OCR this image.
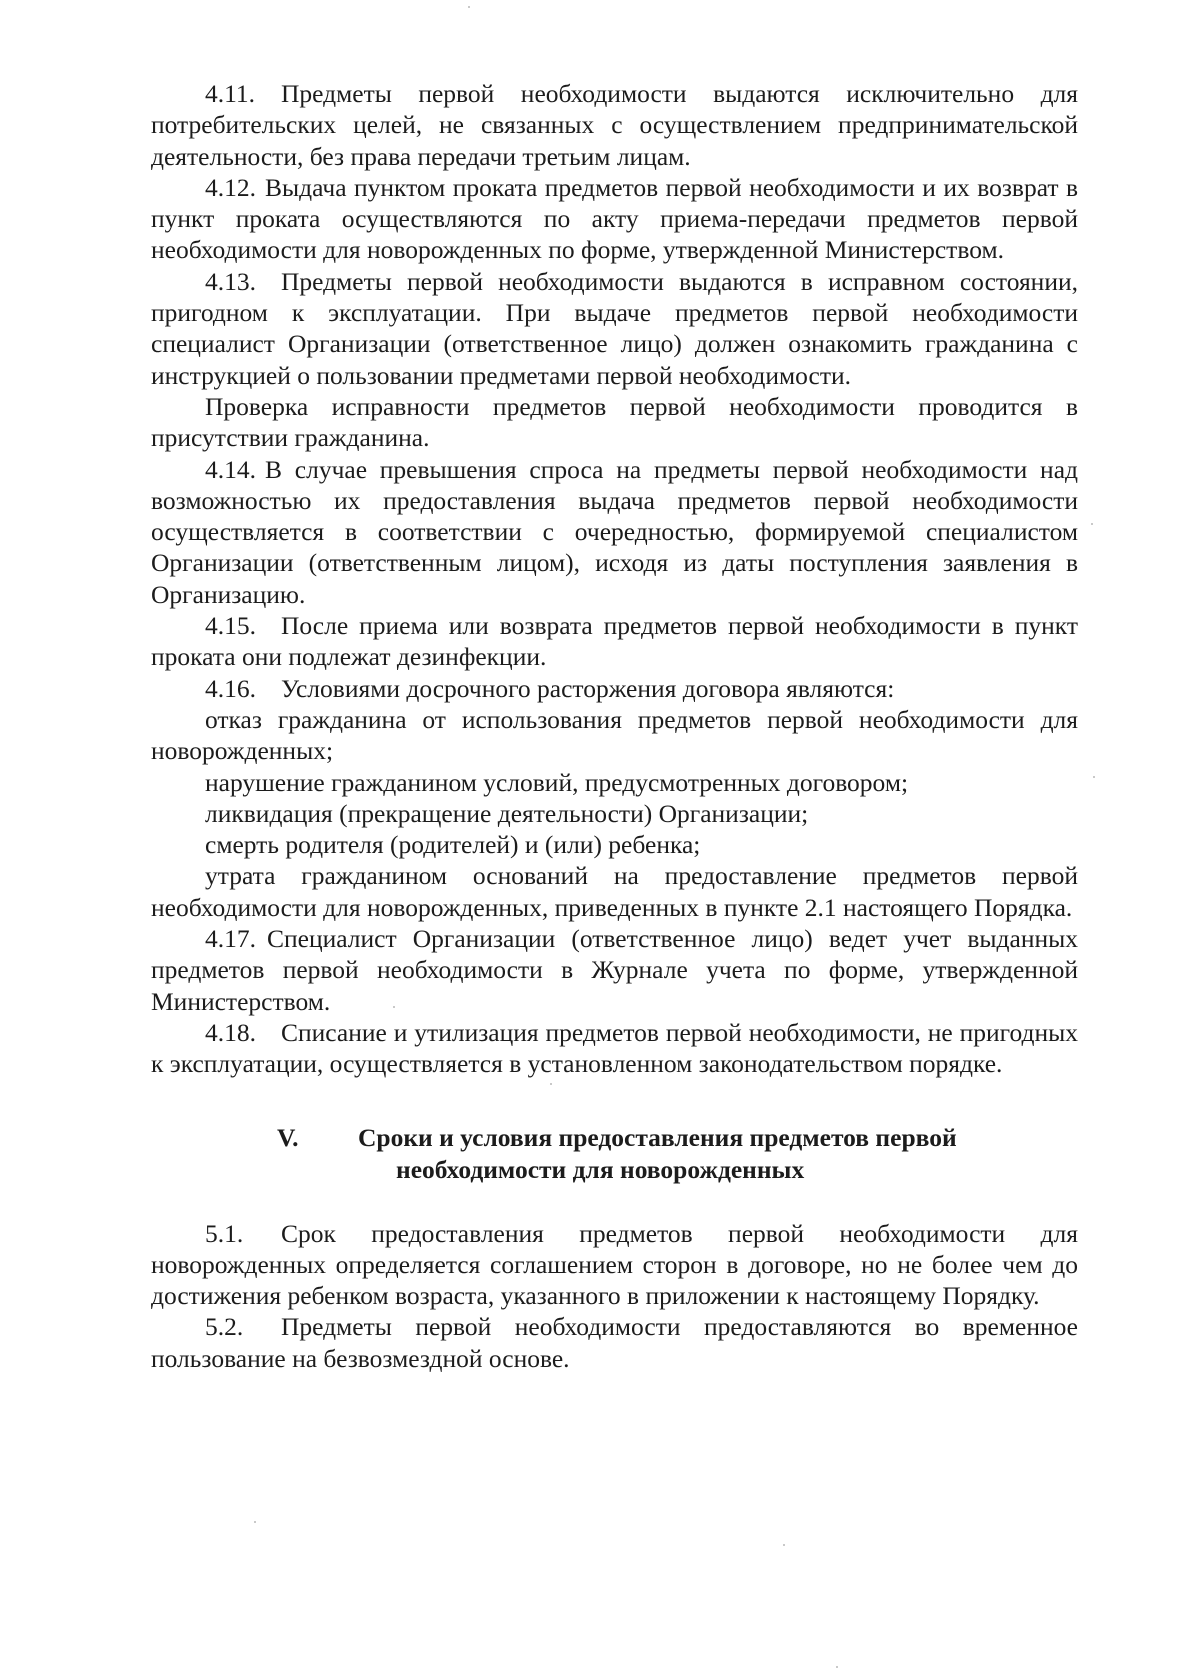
4.11. Предметы первой необходимости выдаются исключительно для потребительских целей, не связанных с осуществлением предпринимательской деятельности, без права передачи третьим лицам.

4.12. Выдача пунктом проката предметов первой необходимости и их возврат в пункт проката осуществляются по акту приема-передачи предметов первой необходимости для новорожденных по форме, утвержденной Министерством.

4.13. Предметы первой необходимости выдаются в исправном состоянии, пригодном к эксплуатации. При выдаче предметов первой необходимости специалист Организации (ответственное лицо) должен ознакомить гражданина с инструкцией о пользовании предметами первой необходимости.

Проверка исправности предметов первой необходимости проводится в присутствии гражданина.

4.14. В случае превышения спроса на предметы первой необходимости над возможностью их предоставления выдача предметов первой необходимости осуществляется в соответствии с очередностью, формируемой специалистом Организации (ответственным лицом), исходя из даты поступления заявления в Организацию.

4.15. После приема или возврата предметов первой необходимости в пункт проката они подлежат дезинфекции.

4.16. Условиями досрочного расторжения договора являются:

отказ гражданина от использования предметов первой необходимости для новорожденных;

нарушение гражданином условий, предусмотренных договором;

ликвидация (прекращение деятельности) Организации;

смерть родителя (родителей) и (или) ребенка;

утрата гражданином оснований на предоставление предметов первой необходимости для новорожденных, приведенных в пункте 2.1 настоящего Порядка.

4.17. Специалист Организации (ответственное лицо) ведет учет выданных предметов первой необходимости в Журнале учета по форме, утвержденной Министерством.

4.18. Списание и утилизация предметов первой необходимости, не пригодных к эксплуатации, осуществляется в установленном законодательством порядке.

V. Сроки и условия предоставления предметов первой
необходимости для новорожденных

5.1. Срок предоставления предметов первой необходимости для новорожденных определяется соглашением сторон в договоре, но не более чем до достижения ребенком возраста, указанного в приложении к настоящему Порядку.

5.2. Предметы первой необходимости предоставляются во временное пользование на безвозмездной основе.
